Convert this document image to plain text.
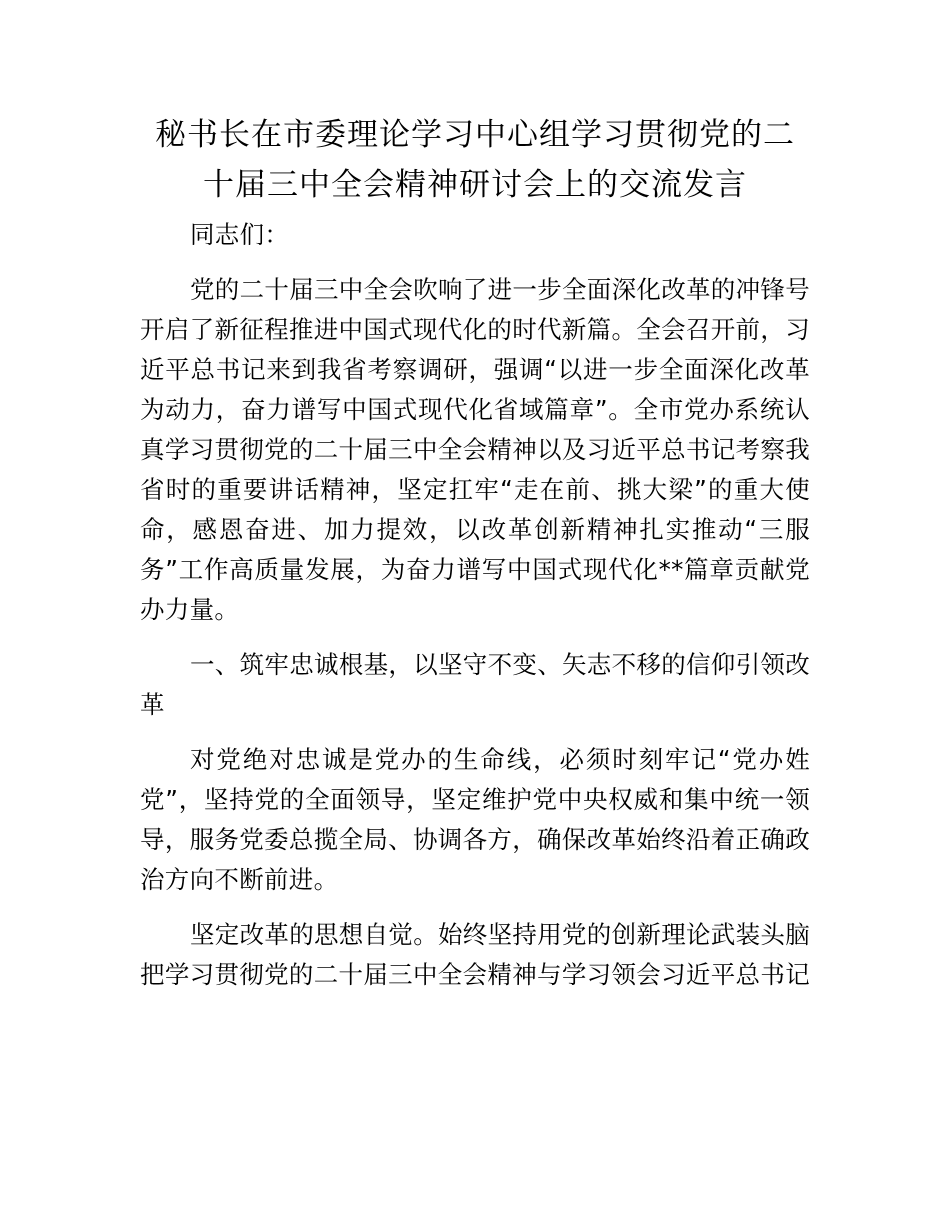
秘书长在市委理论学习中心组学习贯彻党的二
十届三中全会精神研讨会上的交流发言
同志们：
党的二十届三中全会吹响了进一步全面深化改革的冲锋号
开启了新征程推进中国式现代化的时代新篇。全会召开前，习
近平总书记来到我省考察调研，强调“以进一步全面深化改革
为动力，奋力谱写中国式现代化省域篇章”。全市党办系统认
真学习贯彻党的二十届三中全会精神以及习近平总书记考察我
省时的重要讲话精神，坚定扛牢“走在前、挑大梁”的重大使
命，感恩奋进、加力提效，以改革创新精神扎实推动“三服
务”工作高质量发展，为奋力谱写中国式现代化**篇章贡献党
办力量。
一、筑牢忠诚根基，以坚守不变、矢志不移的信仰引领改
革
对党绝对忠诚是党办的生命线，必须时刻牢记“党办姓
党”，坚持党的全面领导，坚定维护党中央权威和集中统一领
导，服务党委总揽全局、协调各方，确保改革始终沿着正确政
治方向不断前进。
坚定改革的思想自觉。始终坚持用党的创新理论武装头脑
把学习贯彻党的二十届三中全会精神与学习领会习近平总书记
